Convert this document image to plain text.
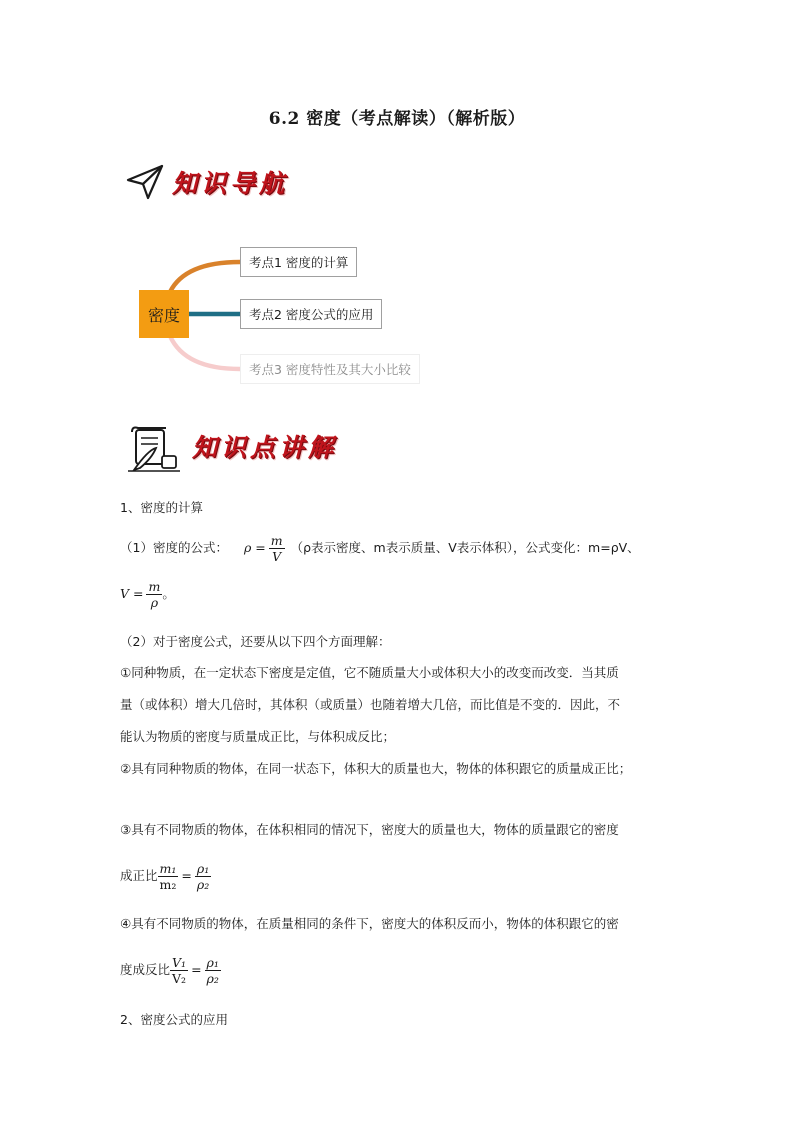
6.2 密度（考点解读）（解析版）
知识导航
密度
考点1 密度的计算
考点2 密度公式的应用
考点3 密度特性及其大小比较
知识点讲解
1、密度的计算
（1）密度的公式： $\rho = \frac{m}{V} (\rho$表示密度、m表示质量、V表示体积），公式变化：m=ρV、
$V = \frac{m}{\rho}$ 。
（2）对于密度公式，还要从以下四个方面理解：
①同种物质，在一定状态下密度是定值，它不随质量大小或体积大小的改变而改变．当其质
量（或体积）增大几倍时，其体积（或质量）也随着增大几倍，而比值是不变的．因此，不
能认为物质的密度与质量成正比，与体积成反比；
②具有同种物质的物体，在同一状态下，体积大的质量也大，物体的体积跟它的质量成正比；
③具有不同物质的物体，在体积相同的情况下，密度大的质量也大，物体的质量跟它的密度
成正比 $\frac{\text{m₁}}{\text{m₂}} = \frac{\text{ρ₁}}{\text{ρ₂}}$
④具有不同物质的物体，在质量相同的条件下，密度大的体积反而小，物体的体积跟它的密
度成反比 $\frac{\text{V₁}}{\text{V₂}} = \frac{\text{ρ₁}}{\text{ρ₂}}$
2、密度公式的应用
